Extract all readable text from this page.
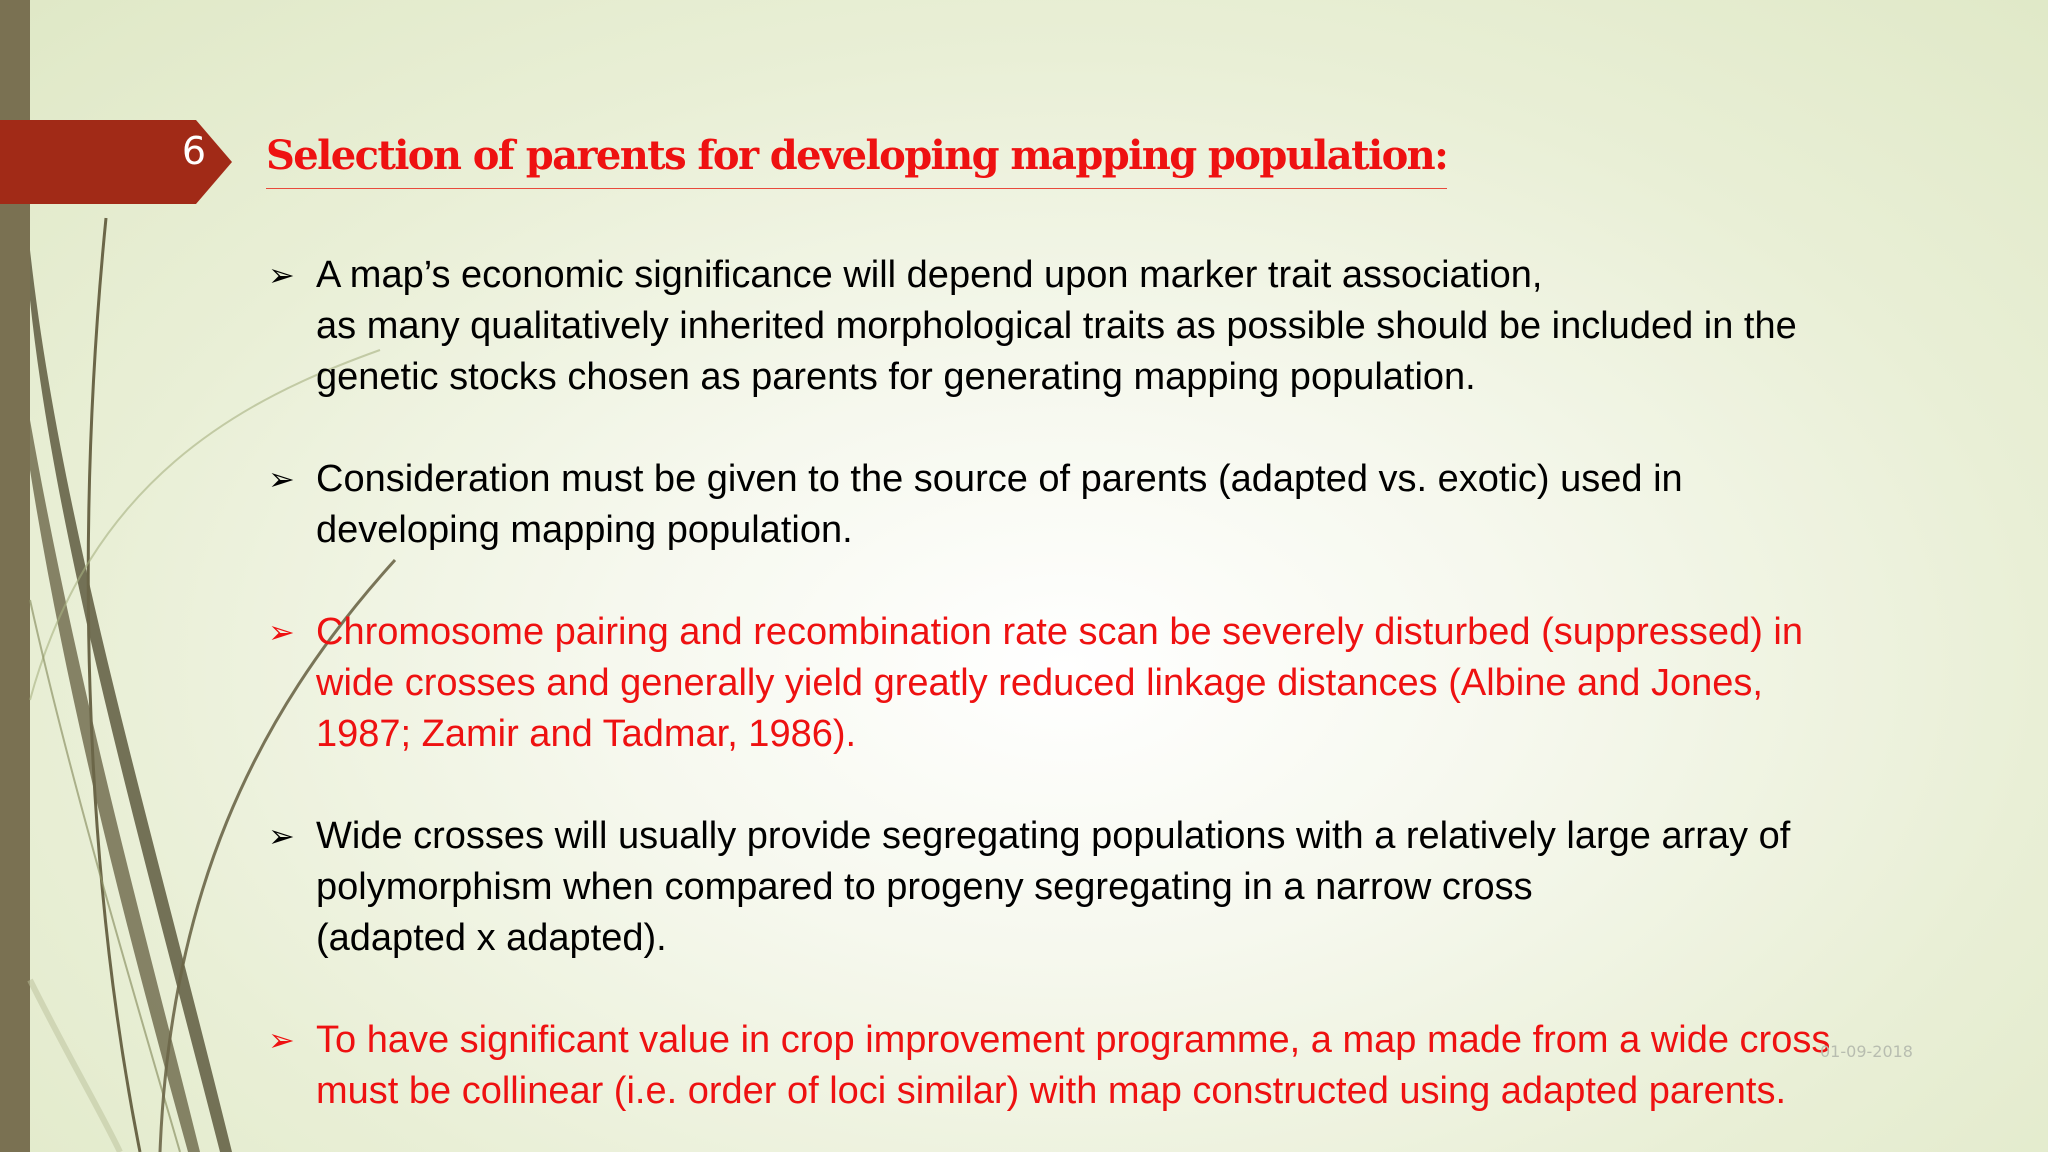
6	Selection of parents for developing mapping population:
➢ A map’s economic significance will depend upon marker trait association,
as many qualitatively inherited morphological traits as possible should be included in the
genetic stocks chosen as parents for generating mapping population.
➢ Consideration must be given to the source of parents (adapted vs. exotic) used in
developing mapping population.
➢ Chromosome pairing and recombination rate scan be severely disturbed (suppressed) in
wide crosses and generally yield greatly reduced linkage distances (Albine and Jones,
1987; Zamir and Tadmar, 1986).
➢ Wide crosses will usually provide segregating populations with a relatively large array of
polymorphism when compared to progeny segregating in a narrow cross
(adapted x adapted).
➢ To have significant value in crop improvement programme, a map made from a wide cross
must be collinear (i.e. order of loci similar) with map constructed using adapted parents.
01-09-2018
